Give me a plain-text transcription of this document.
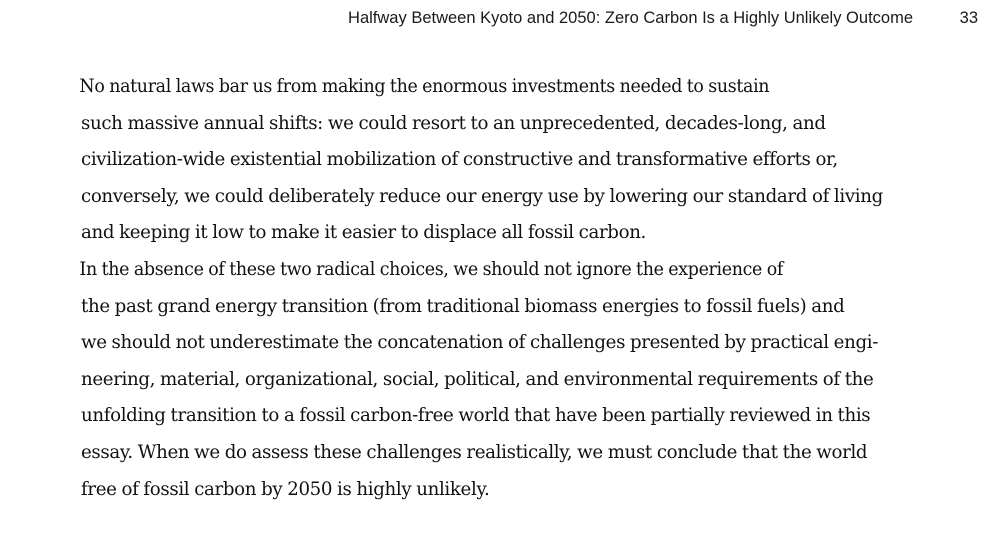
Halfway Between Kyoto and 2050: Zero Carbon Is a Highly Unlikely Outcome	33

No natural laws bar us from making the enormous investments needed to sustain
such massive annual shifts: we could resort to an unprecedented, decades-long, and
civilization-wide existential mobilization of constructive and transformative efforts or,
conversely, we could deliberately reduce our energy use by lowering our standard of living
and keeping it low to make it easier to displace all fossil carbon.

In the absence of these two radical choices, we should not ignore the experience of
the past grand energy transition (from traditional biomass energies to fossil fuels) and
we should not underestimate the concatenation of challenges presented by practical engi-
neering, material, organizational, social, political, and environmental requirements of the
unfolding transition to a fossil carbon-free world that have been partially reviewed in this
essay. When we do assess these challenges realistically, we must conclude that the world
free of fossil carbon by 2050 is highly unlikely.
